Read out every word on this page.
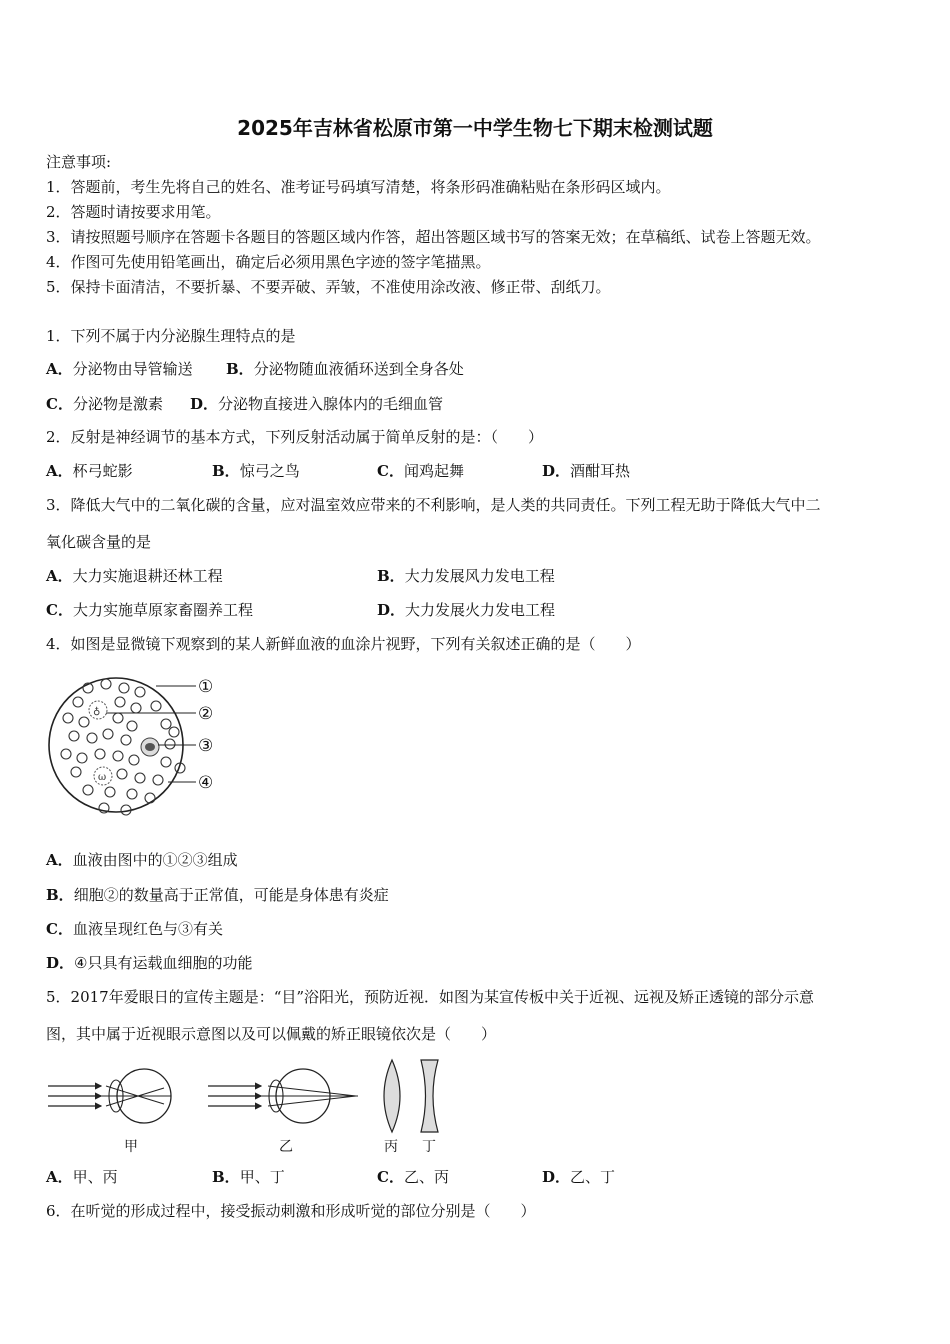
2025年吉林省松原市第一中学生物七下期末检测试题
注意事项:
1．答题前，考生先将自己的姓名、准考证号码填写清楚，将条形码准确粘贴在条形码区域内。
2．答题时请按要求用笔。
3．请按照题号顺序在答题卡各题目的答题区域内作答，超出答题区域书写的答案无效；在草稿纸、试卷上答题无效。
4．作图可先使用铅笔画出，确定后必须用黑色字迹的签字笔描黑。
5．保持卡面清洁，不要折暴、不要弄破、弄皱，不准使用涂改液、修正带、刮纸刀。
1．下列不属于内分泌腺生理特点的是
A．分泌物由导管输送 B．分泌物随血液循环送到全身各处
C．分泌物是激素 D．分泌物直接进入腺体内的毛细血管
2．反射是神经调节的基本方式，下列反射活动属于简单反射的是：（　　）
A．杯弓蛇影	B．惊弓之鸟	C．闻鸡起舞	D．酒酣耳热
3．降低大气中的二氧化碳的含量，应对温室效应带来的不利影响，是人类的共同责任。下列工程无助于降低大气中二
氧化碳含量的是
A．大力实施退耕还林工程	B．大力发展风力发电工程
C．大力实施草原家畜圈养工程	D．大力发展火力发电工程
4．如图是显微镜下观察到的某人新鲜血液的血涂片视野，下列有关叙述正确的是（　　）
♁
ω
①
②
③
④
A．血液由图中的①②③组成
B．细胞②的数量高于正常值，可能是身体患有炎症
C．血液呈现红色与③有关
D．④只具有运载血细胞的功能
5．2017年爱眼日的宣传主题是：“目”浴阳光，预防近视．如图为某宣传板中关于近视、远视及矫正透镜的部分示意
图，其中属于近视眼示意图以及可以佩戴的矫正眼镜依次是（　　）
甲	乙	丙 丁
A．甲、丙	B．甲、丁	C．乙、丙	D．乙、丁
6．在听觉的形成过程中，接受振动刺激和形成听觉的部位分别是（　　）
